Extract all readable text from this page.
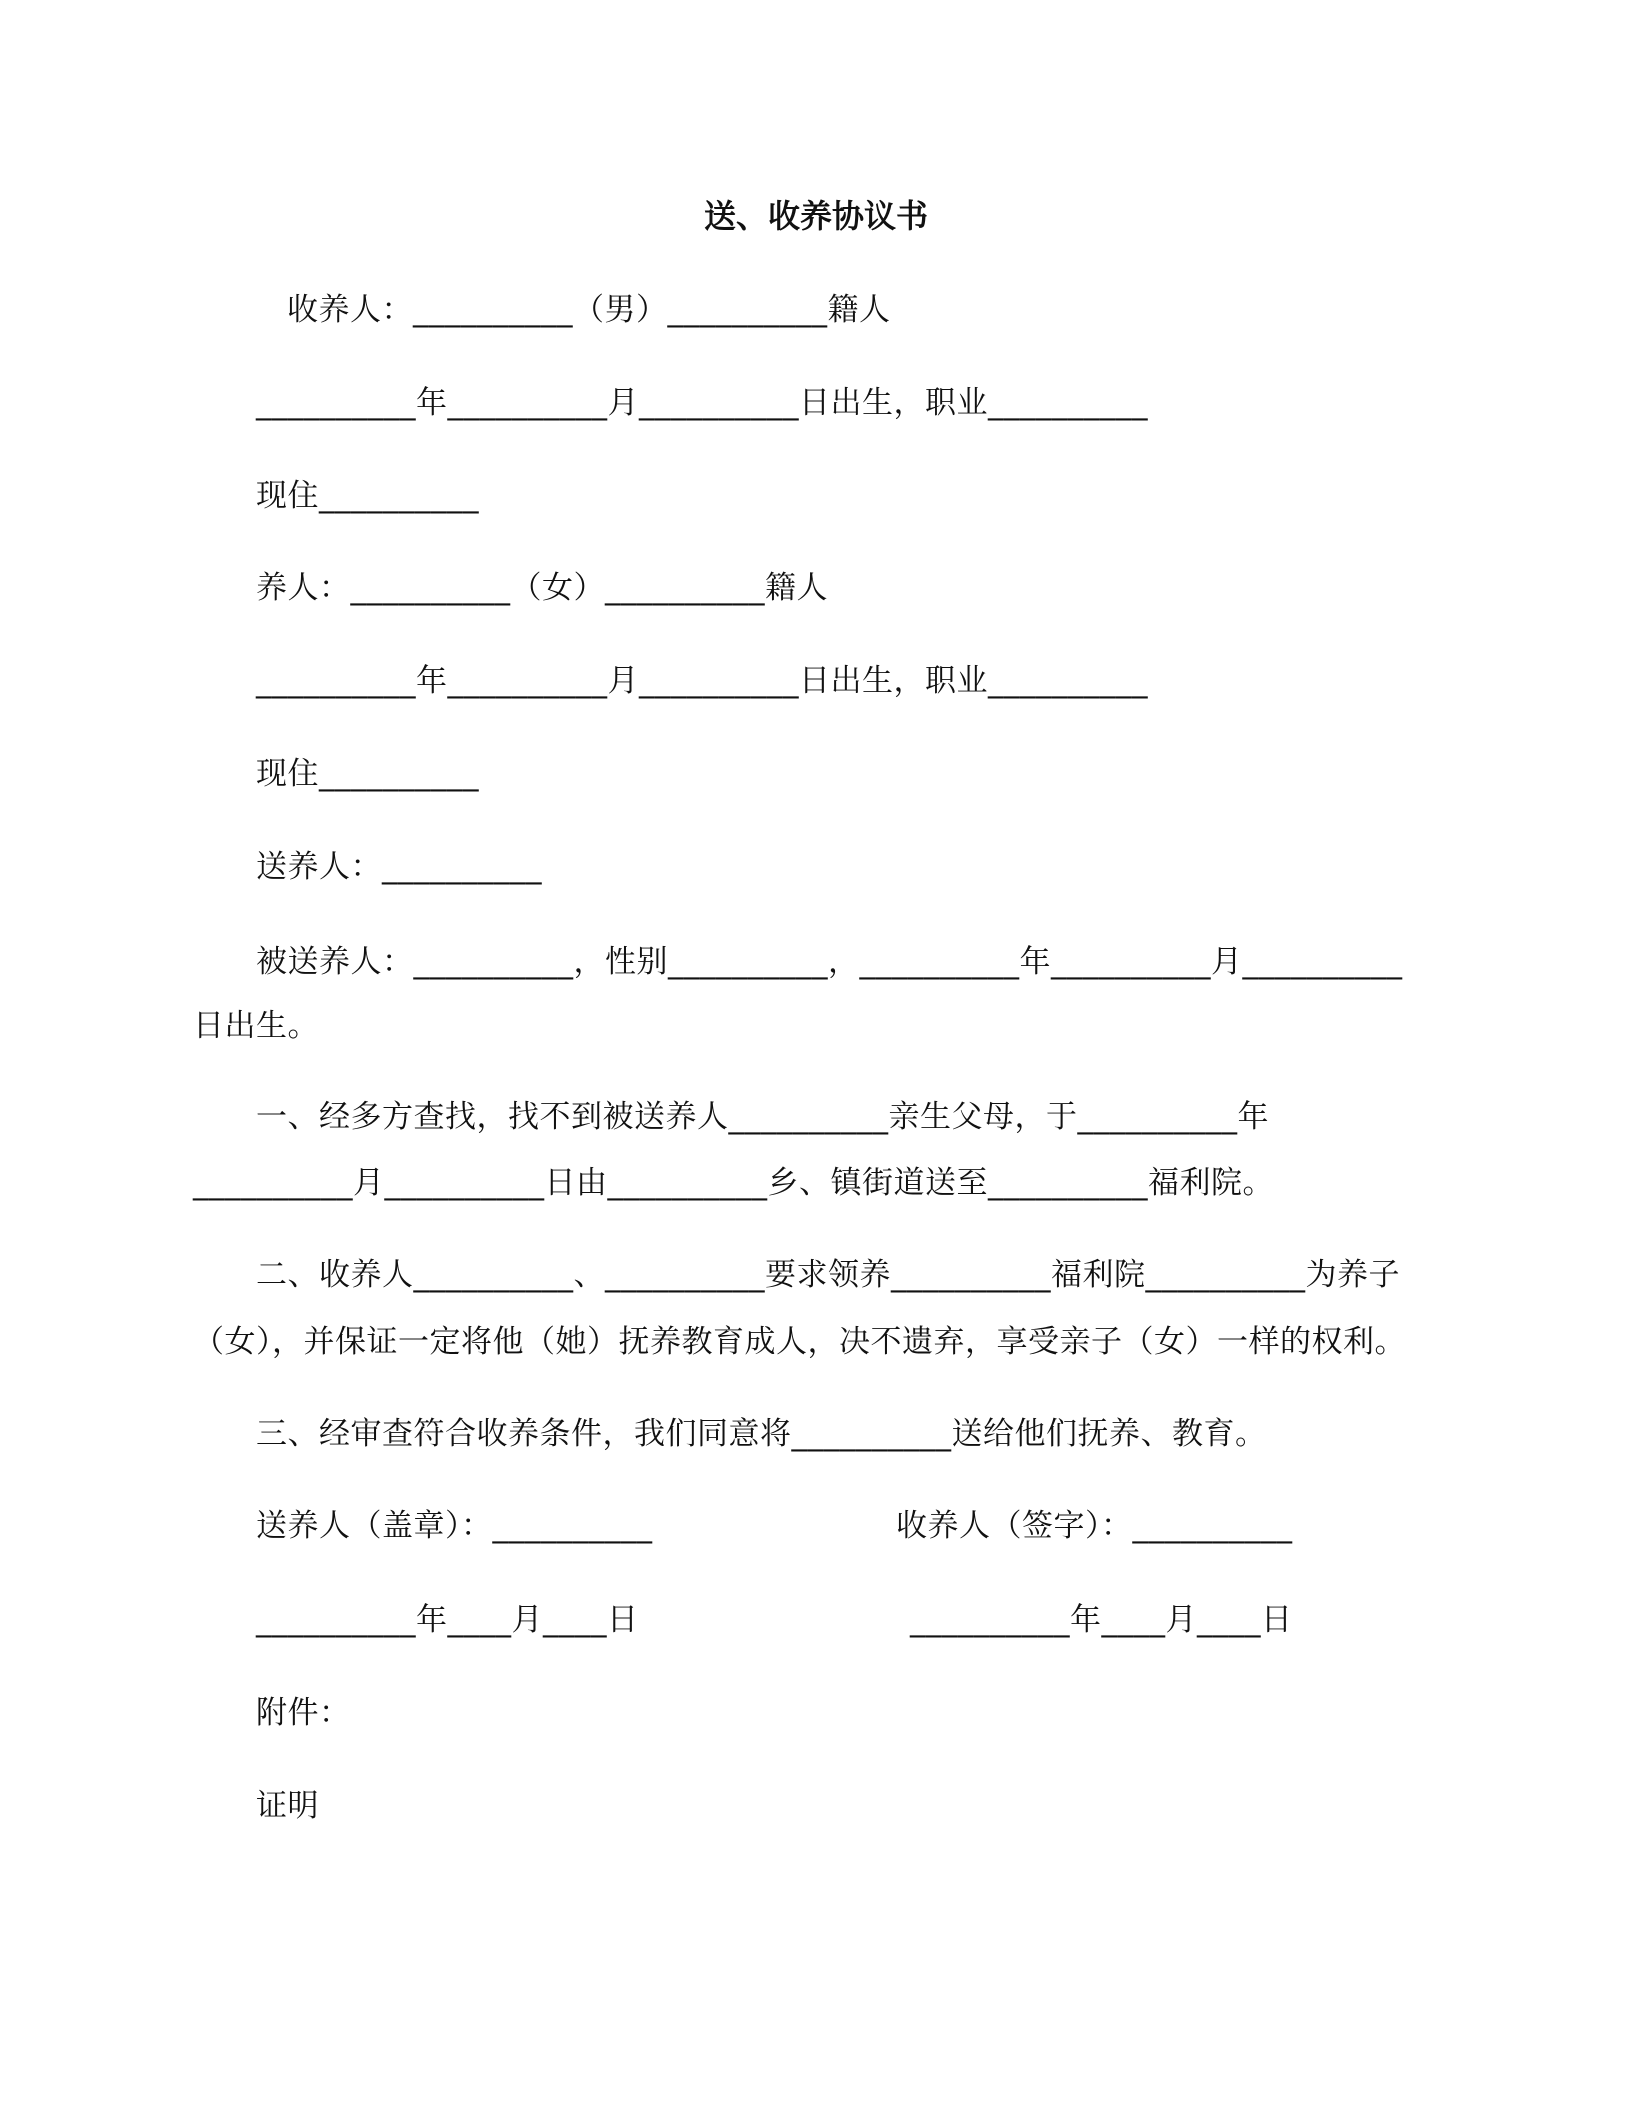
送、收养协议书
收养人：__________（男）__________籍人
__________年__________月__________日出生，职业__________
现住__________
养人：__________（女）__________籍人
__________年__________月__________日出生，职业__________
现住__________
送养人：__________
被送养人：__________，性别__________，__________年__________月__________
日出生。
一、经多方查找，找不到被送养人__________亲生父母，于__________年
__________月__________日由__________乡、镇街道送至__________福利院。
二、收养人__________、__________要求领养__________福利院__________为养子
（女），并保证一定将他（她）抚养教育成人，决不遗弃，享受亲子（女）一样的权利。
三、经审查符合收养条件，我们同意将__________送给他们抚养、教育。
送养人（盖章）：__________	收养人（签字）：__________
__________年____月____日	__________年____月____日
附件：
证明
